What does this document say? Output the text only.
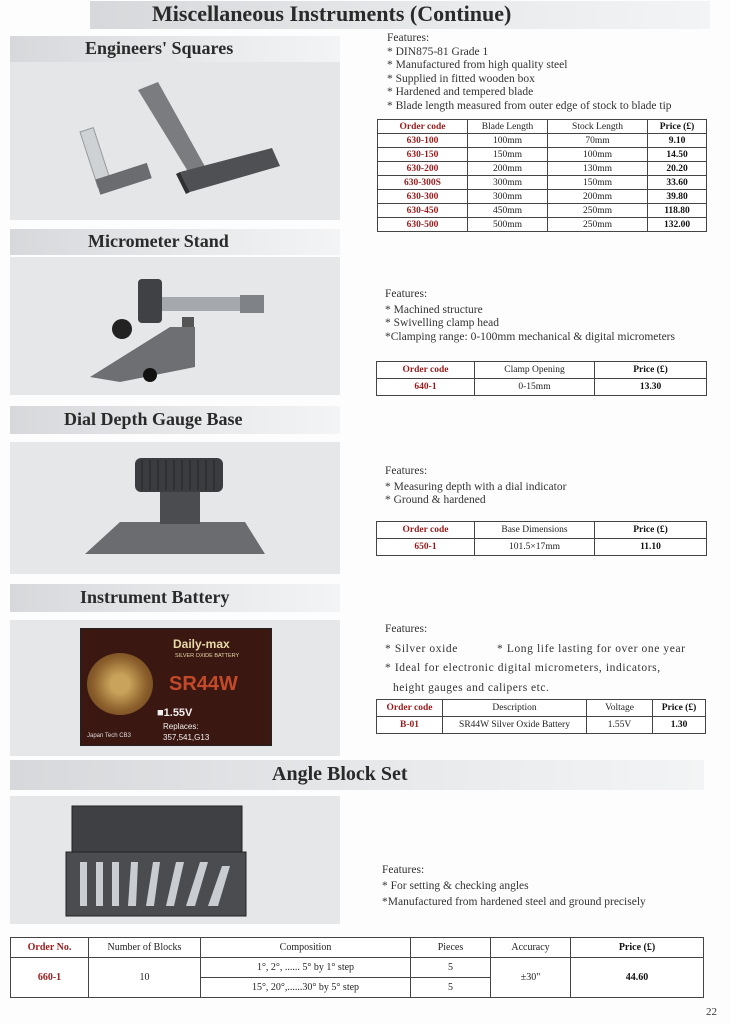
Miscellaneous Instruments (Continue)
Engineers' Squares	Features:
* DIN875-81 Grade 1
* Manufactured from high quality steel
* Supplied in fitted wooden box
* Hardened and tempered blade
* Blade length measured from outer edge of stock to blade tip
Order code	Blade Length	Stock Length	Price (£)
630-100	100mm	70mm	9.10
630-150	150mm	100mm	14.50
630-200	200mm	130mm	20.20
630-300S	300mm	150mm	33.60
630-300	300mm	200mm	39.80
630-450	450mm	250mm	118.80
630-500	500mm	250mm	132.00
Micrometer Stand
Features:
* Machined structure
* Swivelling clamp head
*Clamping range: 0-100mm mechanical & digital micrometers
Order code	Clamp Opening	Price (£)
640-1	0-15mm	13.30
Dial Depth Gauge Base
Features:
* Measuring depth with a dial indicator
* Ground & hardened
Order code	Base Dimensions	Price (£)
650-1	101.5×17mm	11.10
Instrument Battery
Daily-max
SILVER OXIDE BATTERY
SR44W
■1.55V
Replaces:
357,541,G13
Japan Tech CB3
Features:
* Silver oxide	* Long life lasting for over one year
* Ideal for electronic digital micrometers, indicators,
height gauges and calipers etc.
Order code	Description	Voltage	Price (£)
B-01	SR44W Silver Oxide Battery	1.55V	1.30
Angle Block Set
Features:
* For setting & checking angles
*Manufactured from hardened steel and ground precisely
Order No.	Number of Blocks	Composition	Pieces	Accuracy	Price (£)
660-1	10	1°, 2°, ...... 5° by 1° step	5	±30"	44.60
		15°, 20°,......30° by 5° step	5		
22
